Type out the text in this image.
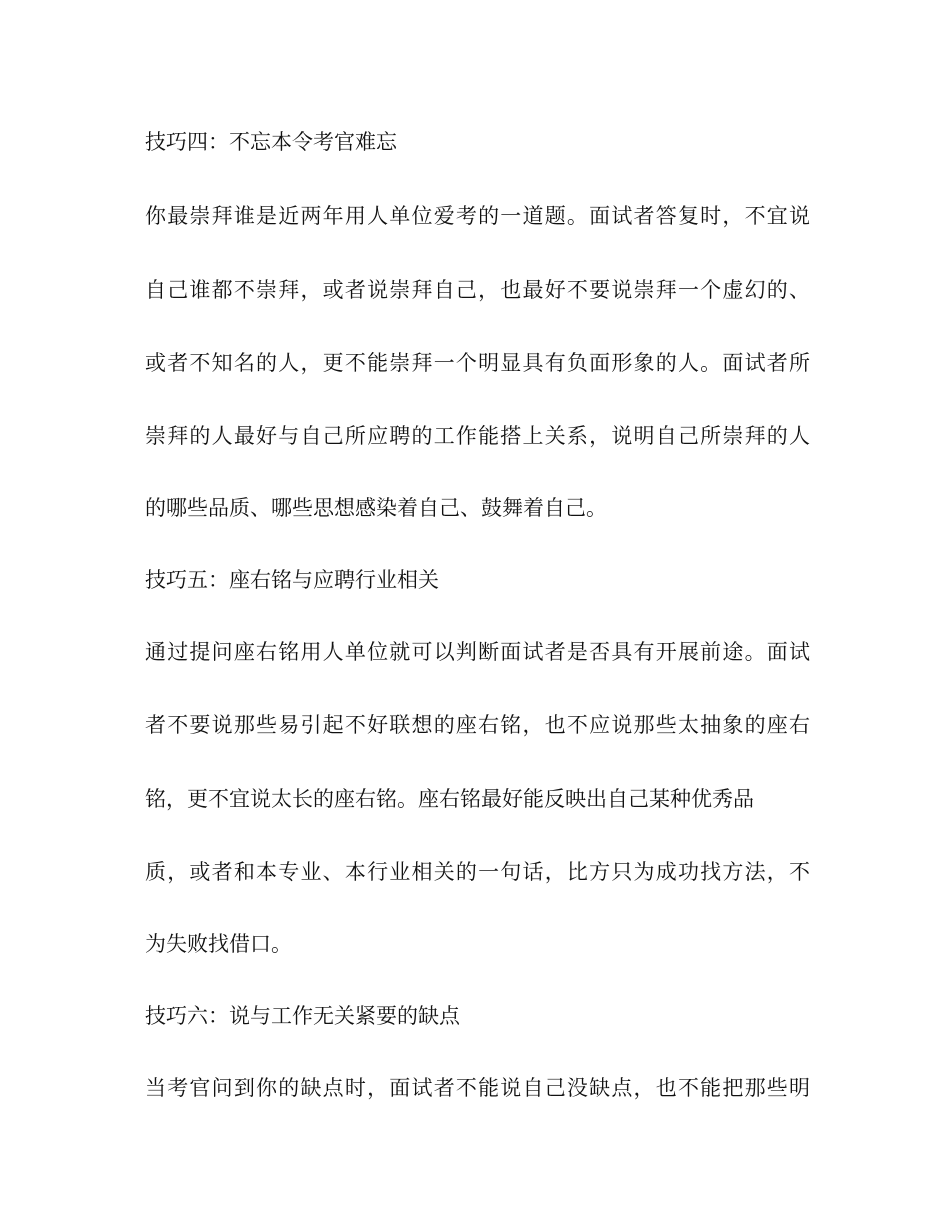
技巧四：不忘本令考官难忘
你最崇拜谁是近两年用人单位爱考的一道题。面试者答复时，不宜说
自己谁都不崇拜，或者说崇拜自己，也最好不要说崇拜一个虚幻的、
或者不知名的人，更不能崇拜一个明显具有负面形象的人。面试者所
崇拜的人最好与自己所应聘的工作能搭上关系，说明自己所崇拜的人
的哪些品质、哪些思想感染着自己、鼓舞着自己。
技巧五：座右铭与应聘行业相关
通过提问座右铭用人单位就可以判断面试者是否具有开展前途。面试
者不要说那些易引起不好联想的座右铭，也不应说那些太抽象的座右
铭，更不宜说太长的座右铭。座右铭最好能反映出自己某种优秀品
质，或者和本专业、本行业相关的一句话，比方只为成功找方法，不
为失败找借口。
技巧六：说与工作无关紧要的缺点
当考官问到你的缺点时，面试者不能说自己没缺点，也不能把那些明
